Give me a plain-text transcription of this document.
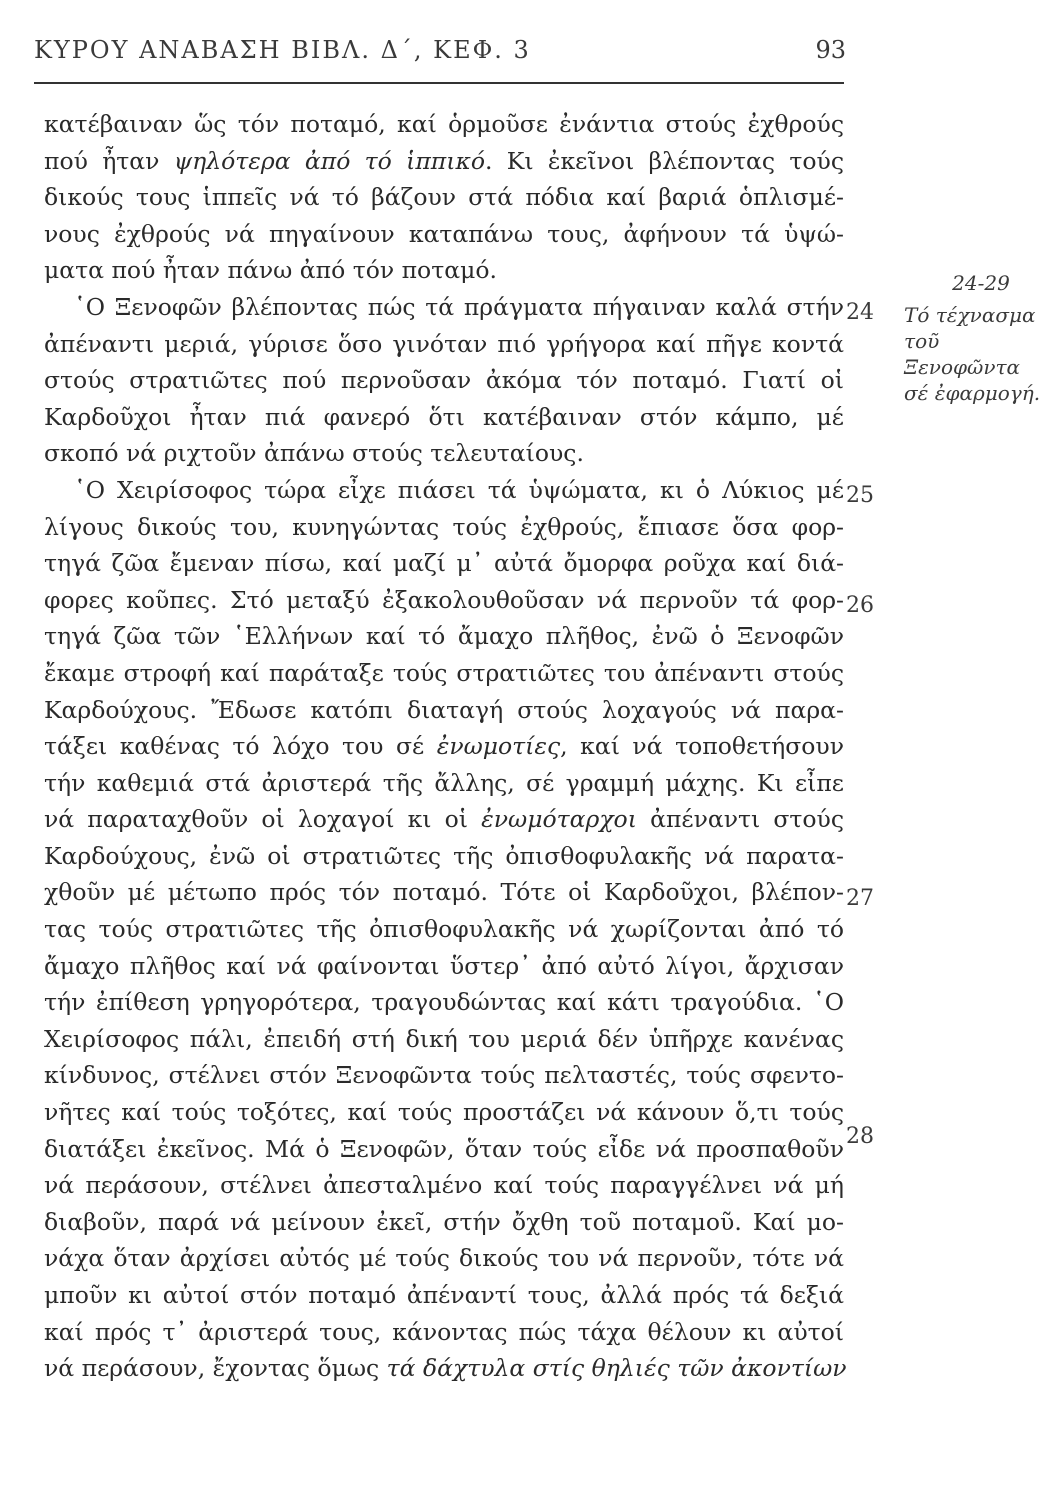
ΚΥΡΟΥ ΑΝΑΒΑΣΗ ΒΙΒΛ. Δ΄, ΚΕΦ. 3	93
κατέβαιναν ὥς τόν ποταμό, καί ὁρμοῦσε ἐνάντια στούς ἐχθρούς
πού ἦταν ψηλότερα ἀπό τό ἱππικό. Κι ἐκεῖνοι βλέποντας τούς
δικούς τους ἱππεῖς νά τό βάζουν στά πόδια καί βαριά ὁπλισμέ-
νους ἐχθρούς νά πηγαίνουν καταπάνω τους, ἀφήνουν τά ὑψώ-
ματα πού ἦταν πάνω ἀπό τόν ποταμό.
῾Ο Ξενοφῶν βλέποντας πώς τά πράγματα πήγαιναν καλά στήν
ἀπέναντι μεριά, γύρισε ὅσο γινόταν πιό γρήγορα καί πῆγε κοντά
στούς στρατιῶτες πού περνοῦσαν ἀκόμα τόν ποταμό. Γιατί οἱ
Καρδοῦχοι ἦταν πιά φανερό ὅτι κατέβαιναν στόν κάμπο, μέ
σκοπό νά ριχτοῦν ἀπάνω στούς τελευταίους.
῾Ο Χειρίσοφος τώρα εἶχε πιάσει τά ὑψώματα, κι ὁ Λύκιος μέ
λίγους δικούς του, κυνηγώντας τούς ἐχθρούς, ἔπιασε ὅσα φορ-
τηγά ζῶα ἔμεναν πίσω, καί μαζί μ᾽ αὐτά ὄμορφα ροῦχα καί διά-
φορες κοῦπες. Στό μεταξύ ἐξακολουθοῦσαν νά περνοῦν τά φορ-
τηγά ζῶα τῶν ῾Ελλήνων καί τό ἄμαχο πλῆθος, ἐνῶ ὁ Ξενοφῶν
ἔκαμε στροφή καί παράταξε τούς στρατιῶτες του ἀπέναντι στούς
Καρδούχους. Ἔδωσε κατόπι διαταγή στούς λοχαγούς νά παρα-
τάξει καθένας τό λόχο του σέ ἐνωμοτίες, καί νά τοποθετήσουν
τήν καθεμιά στά ἀριστερά τῆς ἄλλης, σέ γραμμή μάχης. Κι εἶπε
νά παραταχθοῦν οἱ λοχαγοί κι οἱ ἐνωμόταρχοι ἀπέναντι στούς
Καρδούχους, ἐνῶ οἱ στρατιῶτες τῆς ὀπισθοφυλακῆς νά παρατα-
χθοῦν μέ μέτωπο πρός τόν ποταμό. Τότε οἱ Καρδοῦχοι, βλέπον-
τας τούς στρατιῶτες τῆς ὀπισθοφυλακῆς νά χωρίζονται ἀπό τό
ἄμαχο πλῆθος καί νά φαίνονται ὕστερ᾽ ἀπό αὐτό λίγοι, ἄρχισαν
τήν ἐπίθεση γρηγορότερα, τραγουδώντας καί κάτι τραγούδια. ῾Ο
Χειρίσοφος πάλι, ἐπειδή στή δική του μεριά δέν ὑπῆρχε κανένας
κίνδυνος, στέλνει στόν Ξενοφῶντα τούς πελταστές, τούς σφεντο-
νῆτες καί τούς τοξότες, καί τούς προστάζει νά κάνουν ὅ,τι τούς
διατάξει ἐκεῖνος. Μά ὁ Ξενοφῶν, ὅταν τούς εἶδε νά προσπαθοῦν
νά περάσουν, στέλνει ἀπεσταλμένο καί τούς παραγγέλνει νά μή
διαβοῦν, παρά νά μείνουν ἐκεῖ, στήν ὄχθη τοῦ ποταμοῦ. Καί μο-
νάχα ὅταν ἀρχίσει αὐτός μέ τούς δικούς του νά περνοῦν, τότε νά
μποῦν κι αὐτοί στόν ποταμό ἀπέναντί τους, ἀλλά πρός τά δεξιά
καί πρός τ᾽ ἀριστερά τους, κάνοντας πώς τάχα θέλουν κι αὐτοί
νά περάσουν, ἔχοντας ὅμως τά δάχτυλα στίς θηλιές τῶν ἀκοντίων
24
25
26
27
28
24-29
Τό τέχνασμα τοῦ Ξενοφῶντα σέ ἐφαρμογή.
